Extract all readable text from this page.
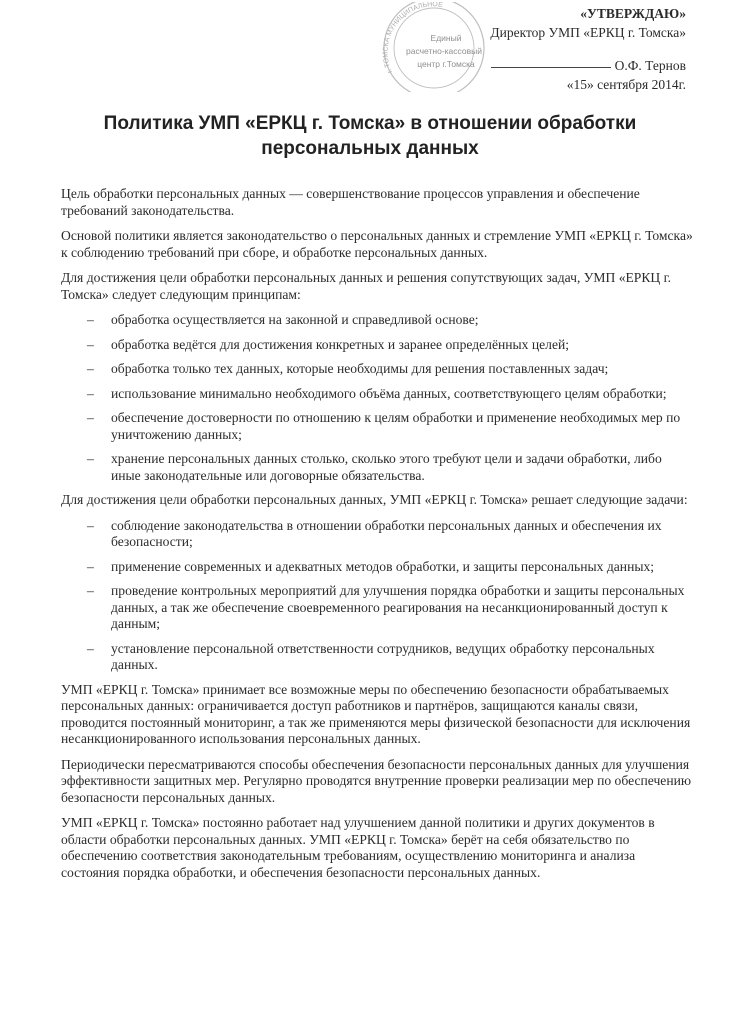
«УТВЕРЖДАЮ»
Директор УМП «ЕРКЦ г. Томска»
О.Ф. Тернов
«15» сентября 2014г.
г. ТОМСКА МУНИЦИПАЛЬНОЕ
Единый
расчетно-кассовый
центр г.Томска
Политика УМП «ЕРКЦ г. Томска» в отношении обработки персональных данных

Цель обработки персональных данных — совершенствование процессов управления и обеспечение требований законодательства.

Основой политики является законодательство о персональных данных и стремление УМП «ЕРКЦ г. Томска» к соблюдению требований при сборе, и обработке персональных данных.

Для достижения цели обработки персональных данных и решения сопутствующих задач, УМП «ЕРКЦ г. Томска» следует следующим принципам:

– обработка осуществляется на законной и справедливой основе;
– обработка ведётся для достижения конкретных и заранее определённых целей;
– обработка только тех данных, которые необходимы для решения поставленных задач;
– использование минимально необходимого объёма данных, соответствующего целям обработки;
– обеспечение достоверности по отношению к целям обработки и применение необходимых мер по уничтожению данных;
– хранение персональных данных столько, сколько этого требуют цели и задачи обработки, либо иные законодательные или договорные обязательства.

Для достижения цели обработки персональных данных, УМП «ЕРКЦ г. Томска» решает следующие задачи:

– соблюдение законодательства в отношении обработки персональных данных и обеспечения их безопасности;
– применение современных и адекватных методов обработки, и защиты персональных данных;
– проведение контрольных мероприятий для улучшения порядка обработки и защиты персональных данных, а так же обеспечение своевременного реагирования на несанкционированный доступ к данным;
– установление персональной ответственности сотрудников, ведущих обработку персональных данных.

УМП «ЕРКЦ г. Томска» принимает все возможные меры по обеспечению безопасности обрабатываемых персональных данных: ограничивается доступ работников и партнёров, защищаются каналы связи, проводится постоянный мониторинг, а так же применяются меры физической безопасности для исключения несанкционированного использования персональных данных.

Периодически пересматриваются способы обеспечения безопасности персональных данных для улучшения эффективности защитных мер. Регулярно проводятся внутренние проверки реализации мер по обеспечению безопасности персональных данных.

УМП «ЕРКЦ г. Томска» постоянно работает над улучшением данной политики и других документов в области обработки персональных данных. УМП «ЕРКЦ г. Томска» берёт на себя обязательство по обеспечению соответствия законодательным требованиям, осуществлению мониторинга и анализа состояния порядка обработки, и обеспечения безопасности персональных данных.
